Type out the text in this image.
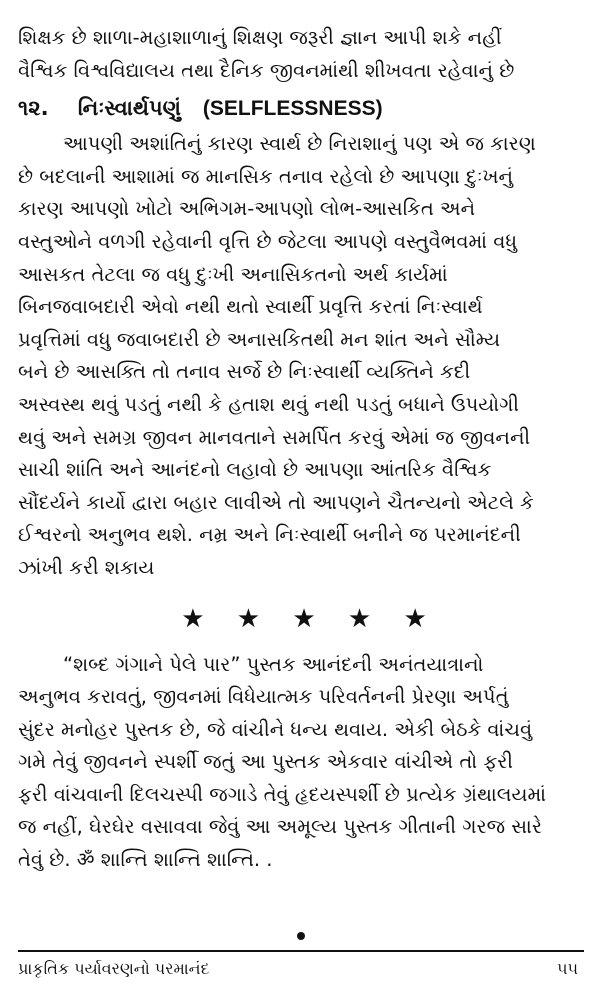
શિક્ષક છે શાળા-મહાશાળાનું શિક્ષણ જરૂરી જ્ઞાન આપી શકે નહીં

વૈશ્વિક વિશ્વવિદ્યાલય તથા દૈનિક જીવનમાંથી શીખવતા રહેવાનું છે

૧૨. નિઃસ્વાર્થપણું (SELFLESSNESS)

આપણી અશાંતિનું કારણ સ્વાર્થ છે નિરાશાનું પણ એ જ કારણ

છે બદલાની આશામાં જ માનસિક તનાવ રહેલો છે આપણા દુઃખનું

કારણ આપણો ખોટો અભિગમ-આપણો લોભ-આસકિત અને

વસ્તુઓને વળગી રહેવાની વૃત્તિ છે જેટલા આપણે વસ્તુવૈભવમાં વધુ

આસકત તેટલા જ વધુ દુઃખી અનાસિકતનો અર્થ કાર્યમાં

બિનજવાબદારી એવો નથી થતો સ્વાર્થી પ્રવૃત્તિ કરતાં નિઃસ્વાર્થ

પ્રવૃત્તિમાં વધુ જવાબદારી છે અનાસકિતથી મન શાંત અને સૌમ્ય

બને છે આસક્તિ તો તનાવ સર્જે છે નિઃસ્વાર્થી વ્યક્તિને કદી

અસ્વસ્થ થવું પડતું નથી કે હતાશ થવું નથી પડતું બધાને ઉપયોગી

થવું અને સમગ્ર જીવન માનવતાને સમર્પિત કરવું એમાં જ જીવનની

સાચી શાંતિ અને આનંદનો લહાવો છે આપણા આંતરિક વૈશ્વિક

સૌંદર્યને કાર્યો દ્વારા બહાર લાવીએ તો આપણને ચૈતન્યનો એટલે કે

ઈશ્વરનો અનુભવ થશે. નમ્ર અને નિઃસ્વાર્થી બનીને જ પરમાનંદની

ઝાંખી કરી શકાય

★ ★ ★ ★ ★

“શબ્દ ગંગાને પેલે પાર” પુસ્તક આનંદની અનંતયાત્રાનો

અનુભવ કરાવતું, જીવનમાં વિધેયાત્મક પરિવર્તનની પ્રેરણા અર્પતું

સુંદર મનોહર પુસ્તક છે, જે વાંચીને ધન્ય થવાય. એકી બેઠકે વાંચવું

ગમે તેવું જીવનને સ્પર્શી જતું આ પુસ્તક એકવાર વાંચીએ તો ફરી

ફરી વાંચવાની દિલચસ્પી જગાડે તેવું હૃદયસ્પર્શી છે પ્રત્યેક ગ્રંથાલયમાં

જ નહીં, ઘેરઘેર વસાવવા જેવું આ અમૂલ્ય પુસ્તક ગીતાની ગરજ સારે

તેવું છે. ॐ શાન્તિ શાન્તિ શાન્તિ. .

પ્રાકૃતિક પર્યાવરણનો પરમાનંદ	૫૫
